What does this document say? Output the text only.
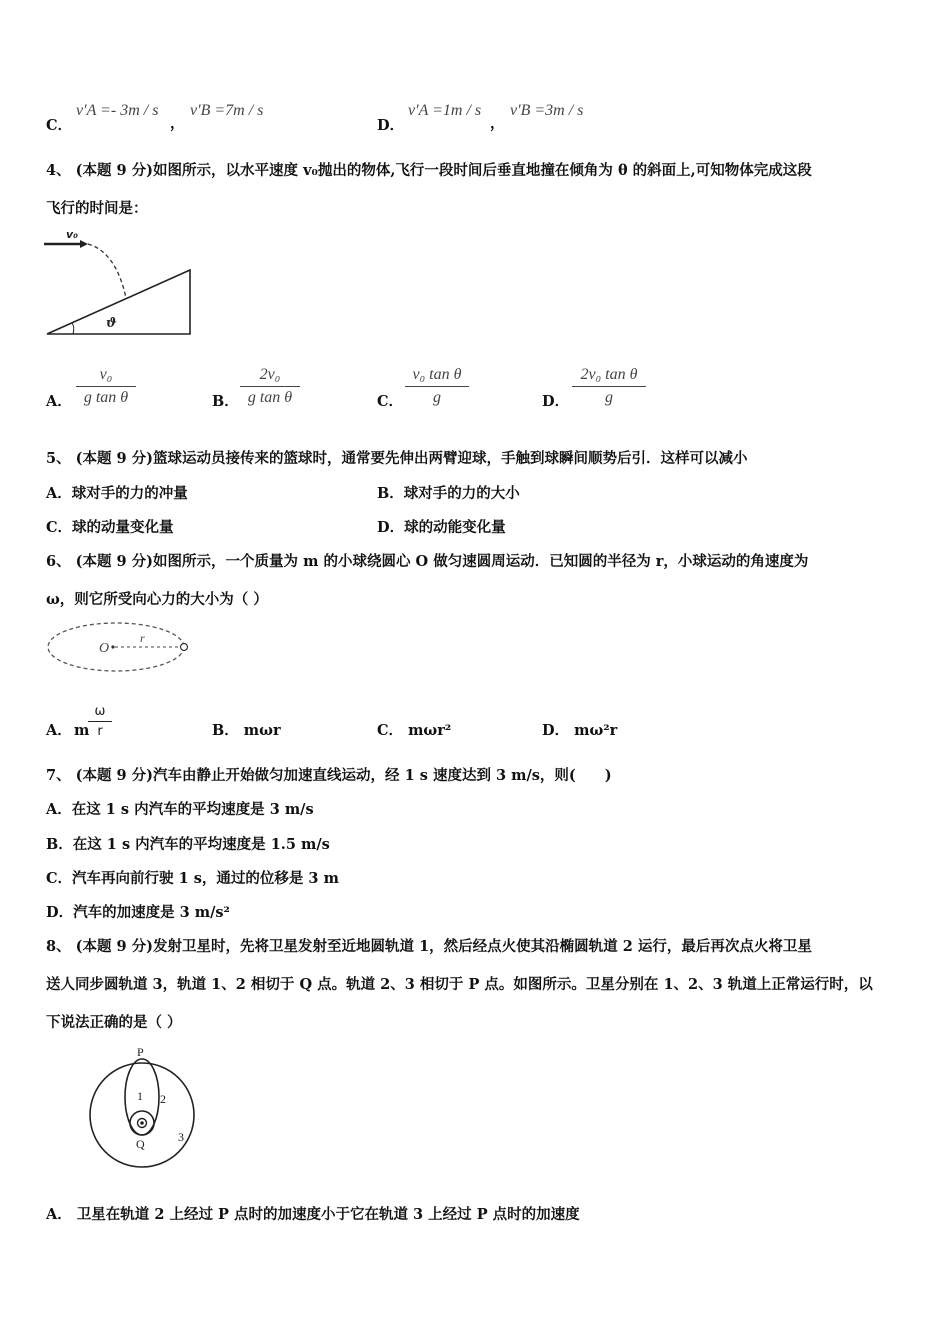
C．
v′A =- 3m / s
，
v′B =7m / s
D．
v′A =1m / s
，
v′B =3m / s
4、 (本题 9 分)如图所示，以水平速度 v₀抛出的物体,飞行一段时间后垂直地撞在倾角为 θ 的斜面上,可知物体完成这段
飞行的时间是：
v₀
ϑ
A．
v₀
g tan θ	B．
2v₀
g tan θ	C．
v₀ tan θ
g	D．
2v₀ tan θ
g
5、 (本题 9 分)篮球运动员接传来的篮球时，通常要先伸出两臂迎球，手触到球瞬间顺势后引．这样可以减小
A．球对手的力的冲量	B．球对手的力的大小
C．球的动量变化量	D．球的动能变化量
6、 (本题 9 分)如图所示，一个质量为 m 的小球绕圆心 O 做匀速圆周运动．已知圆的半径为 r，小球运动的角速度为
ω，则它所受向心力的大小为（ ）
O
r
A． m
ω
r	B． mωr	C． mωr²	D． mω²r
7、 (本题 9 分)汽车由静止开始做匀加速直线运动，经 1 s 速度达到 3 m/s，则(　　)
A．在这 1 s 内汽车的平均速度是 3 m/s
B．在这 1 s 内汽车的平均速度是 1.5 m/s
C．汽车再向前行驶 1 s，通过的位移是 3 m
D．汽车的加速度是 3 m/s²
8、 (本题 9 分)发射卫星时，先将卫星发射至近地圆轨道 1，然后经点火使其沿椭圆轨道 2 运行，最后再次点火将卫星
送人同步圆轨道 3，轨道 1、2 相切于 Q 点。轨道 2、3 相切于 P 点。如图所示。卫星分别在 1、2、3 轨道上正常运行时，以
下说法正确的是（ ）
P
1 2
Q	3
A． 卫星在轨道 2 上经过 P 点时的加速度小于它在轨道 3 上经过 P 点时的加速度
